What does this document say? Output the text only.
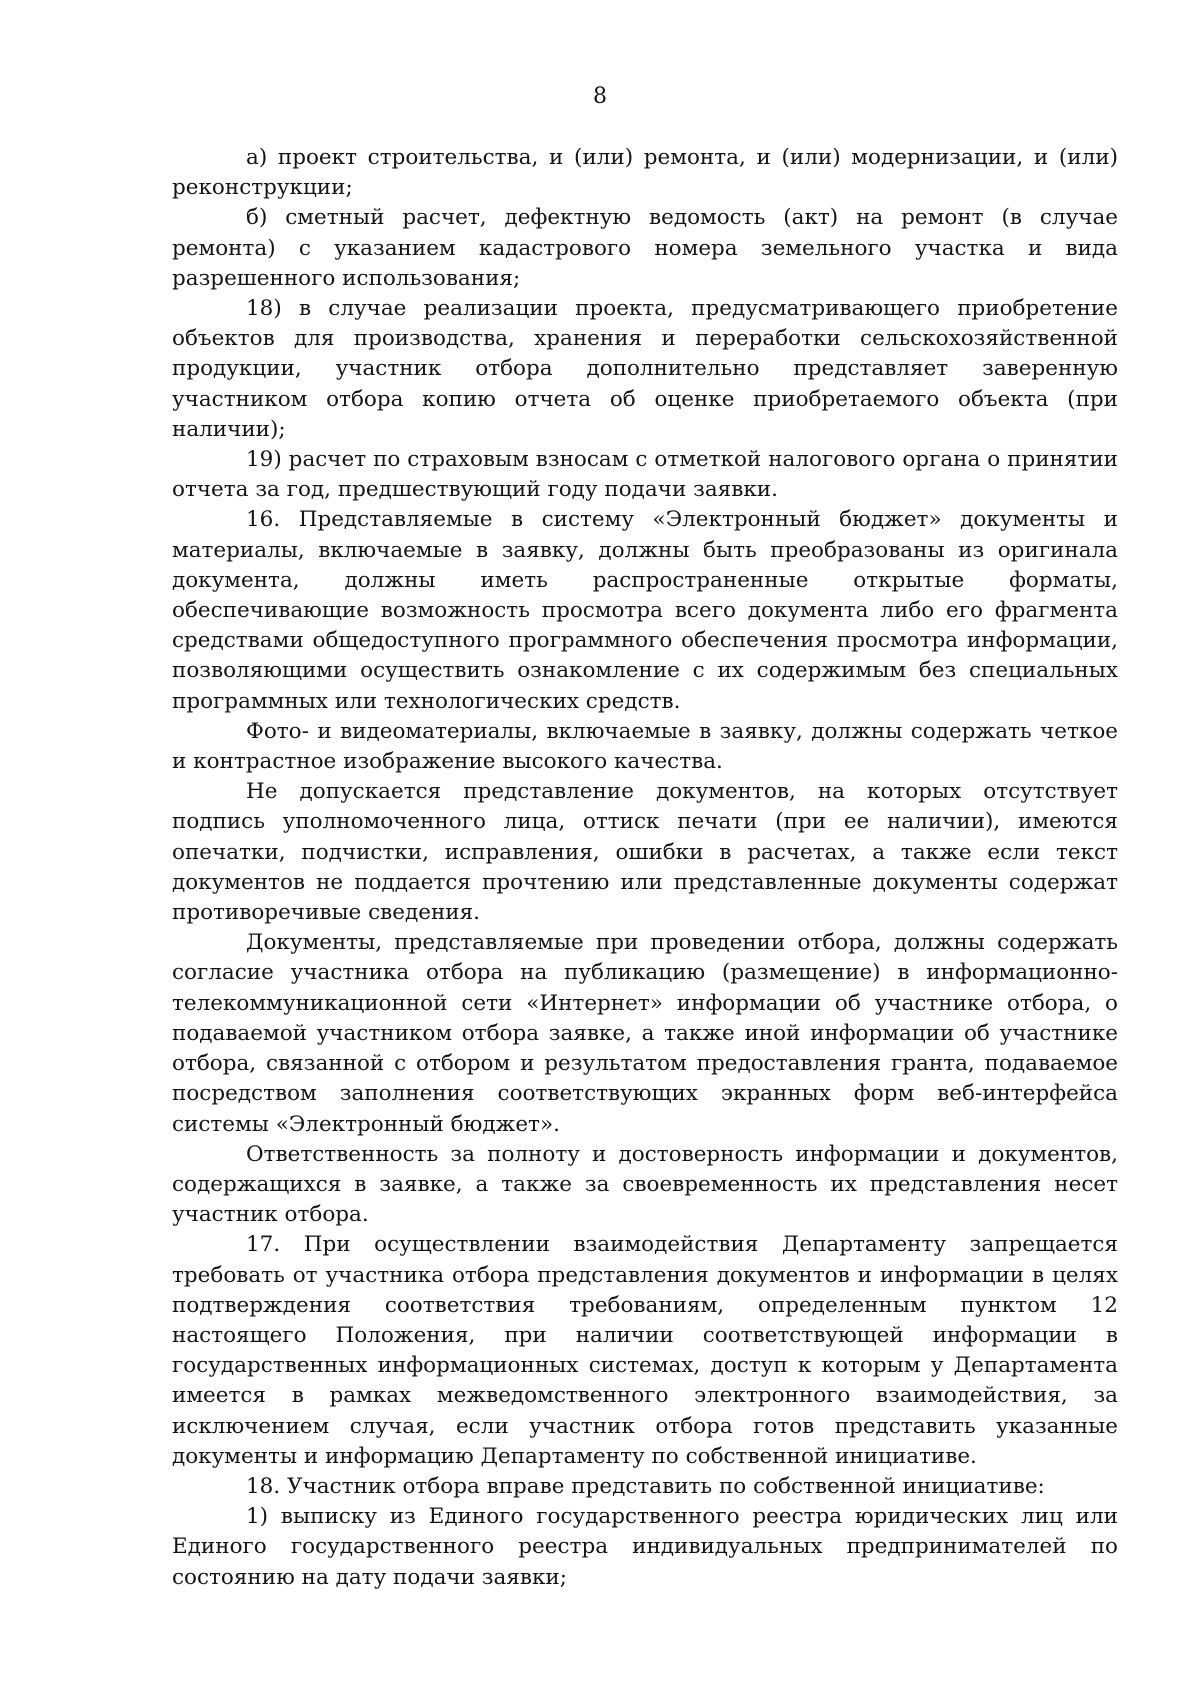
8

а) проект строительства, и (или) ремонта, и (или) модернизации, и (или) реконструкции;

б) сметный расчет, дефектную ведомость (акт) на ремонт (в случае ремонта) с указанием кадастрового номера земельного участка и вида разрешенного использования;

18) в случае реализации проекта, предусматривающего приобретение объектов для производства, хранения и переработки сельскохозяйственной продукции, участник отбора дополнительно представляет заверенную участником отбора копию отчета об оценке приобретаемого объекта (при наличии);

19) расчет по страховым взносам с отметкой налогового органа о принятии отчета за год, предшествующий году подачи заявки.

16. Представляемые в систему «Электронный бюджет» документы и материалы, включаемые в заявку, должны быть преобразованы из оригинала документа, должны иметь распространенные открытые форматы, обеспечивающие возможность просмотра всего документа либо его фрагмента средствами общедоступного программного обеспечения просмотра информации, позволяющими осуществить ознакомление с их содержимым без специальных программных или технологических средств.

Фото- и видеоматериалы, включаемые в заявку, должны содержать четкое и контрастное изображение высокого качества.

Не допускается представление документов, на которых отсутствует подпись уполномоченного лица, оттиск печати (при ее наличии), имеются опечатки, подчистки, исправления, ошибки в расчетах, а также если текст документов не поддается прочтению или представленные документы содержат противоречивые сведения.

Документы, представляемые при проведении отбора, должны содержать согласие участника отбора на публикацию (размещение) в информационно-телекоммуникационной сети «Интернет» информации об участнике отбора, о подаваемой участником отбора заявке, а также иной информации об участнике отбора, связанной с отбором и результатом предоставления гранта, подаваемое посредством заполнения соответствующих экранных форм веб-интерфейса системы «Электронный бюджет».

Ответственность за полноту и достоверность информации и документов, содержащихся в заявке, а также за своевременность их представления несет участник отбора.

17. При осуществлении взаимодействия Департаменту запрещается требовать от участника отбора представления документов и информации в целях подтверждения соответствия требованиям, определенным пунктом 12 настоящего Положения, при наличии соответствующей информации в государственных информационных системах, доступ к которым у Департамента имеется в рамках межведомственного электронного взаимодействия, за исключением случая, если участник отбора готов представить указанные документы и информацию Департаменту по собственной инициативе.

18. Участник отбора вправе представить по собственной инициативе:

1) выписку из Единого государственного реестра юридических лиц или Единого государственного реестра индивидуальных предпринимателей по состоянию на дату подачи заявки;
